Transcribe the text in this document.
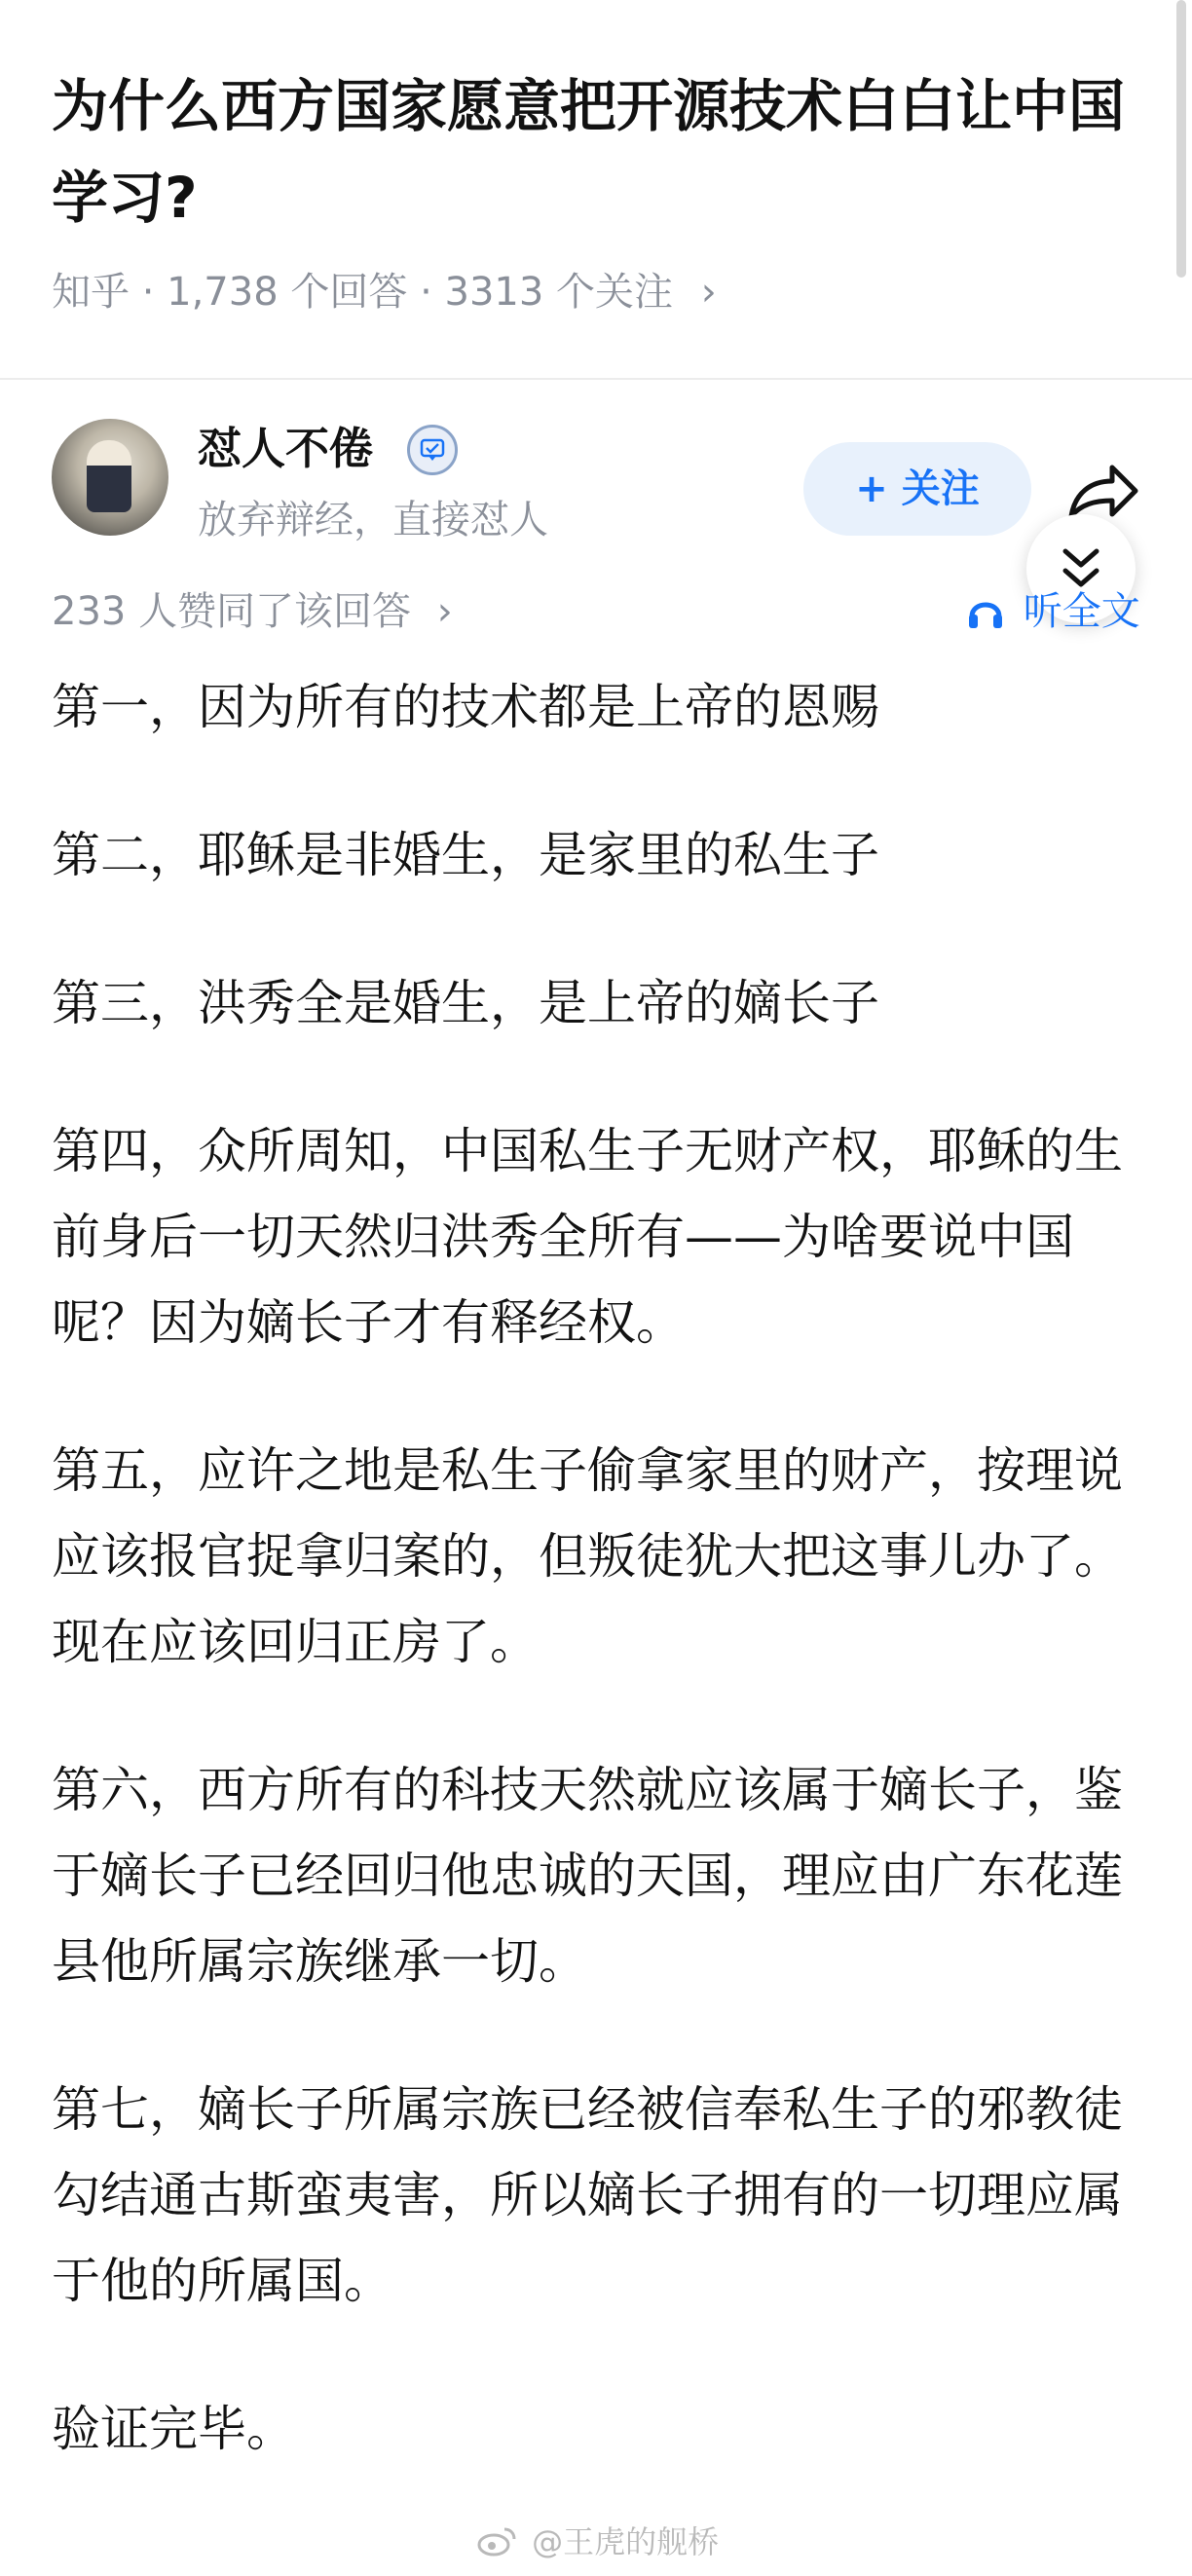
为什么西方国家愿意把开源技术白白让中国学习?
知乎 · 1,738 个回答 · 3313 个关注 ›
怼人不倦
放弃辩经，直接怼人
+ 关注
233 人赞同了该回答 ›	听全文

第一，因为所有的技术都是上帝的恩赐

第二，耶稣是非婚生，是家里的私生子

第三，洪秀全是婚生，是上帝的嫡长子

第四，众所周知，中国私生子无财产权，耶稣的生前身后一切天然归洪秀全所有——为啥要说中国呢？因为嫡长子才有释经权。

第五，应许之地是私生子偷拿家里的财产，按理说应该报官捉拿归案的，但叛徒犹大把这事儿办了。现在应该回归正房了。

第六，西方所有的科技天然就应该属于嫡长子，鉴于嫡长子已经回归他忠诚的天国，理应由广东花莲县他所属宗族继承一切。

第七，嫡长子所属宗族已经被信奉私生子的邪教徒勾结通古斯蛮夷害，所以嫡长子拥有的一切理应属于他的所属国。

验证完毕。

@王虎的舰桥
